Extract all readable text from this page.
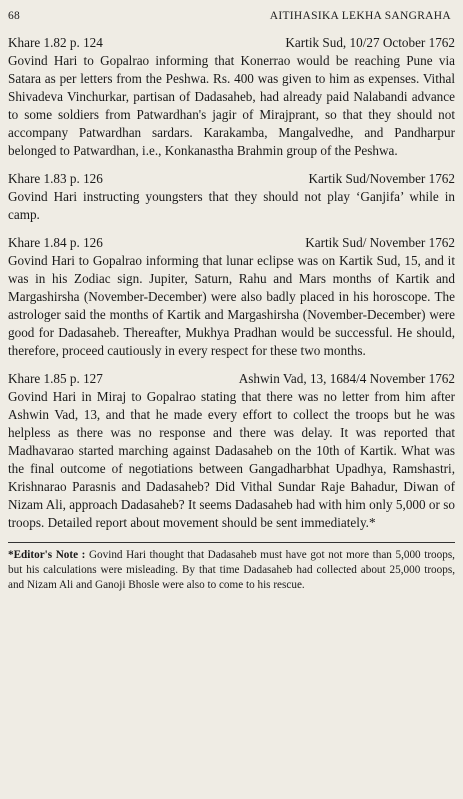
68	AITIHASIKA LEKHA SANGRAHA
Khare 1.82 p. 124	Kartik Sud, 10/27 October 1762
Govind Hari to Gopalrao informing that Konerrao would be reaching Pune via Satara as per letters from the Peshwa. Rs. 400 was given to him as expenses. Vithal Shivadeva Vinchurkar, partisan of Dadasaheb, had already paid Nalabandi advance to some soldiers from Patwardhan's jagir of Mirajprant, so that they should not accompany Patwardhan sardars. Karakamba, Mangalvedhe, and Pandharpur belonged to Patwardhan, i.e., Konkanastha Brahmin group of the Peshwa.
Khare 1.83 p. 126	Kartik Sud/November 1762
Govind Hari instructing youngsters that they should not play ‘Ganjifa’ while in camp.
Khare 1.84 p. 126	Kartik Sud/ November 1762
Govind Hari to Gopalrao informing that lunar eclipse was on Kartik Sud, 15, and it was in his Zodiac sign. Jupiter, Saturn, Rahu and Mars months of Kartik and Margashirsha (November-December) were also badly placed in his horoscope. The astrologer said the months of Kartik and Margashirsha (November-December) were good for Dadasaheb. Thereafter, Mukhya Pradhan would be successful. He should, therefore, proceed cautiously in every respect for these two months.
Khare 1.85 p. 127	Ashwin Vad, 13, 1684/4 November 1762
Govind Hari in Miraj to Gopalrao stating that there was no letter from him after Ashwin Vad, 13, and that he made every effort to collect the troops but he was helpless as there was no response and there was delay. It was reported that Madhavarao started marching against Dadasaheb on the 10th of Kartik. What was the final outcome of negotiations between Gangadharbhat Upadhya, Ramshastri, Krishnarao Parasnis and Dadasaheb? Did Vithal Sundar Raje Bahadur, Diwan of Nizam Ali, approach Dadasaheb? It seems Dadasaheb had with him only 5,000 or so troops. Detailed report about movement should be sent immediately.*
*Editor's Note : Govind Hari thought that Dadasaheb must have got not more than 5,000 troops, but his calculations were misleading. By that time Dadasaheb had collected about 25,000 troops, and Nizam Ali and Ganoji Bhosle were also to come to his rescue.
